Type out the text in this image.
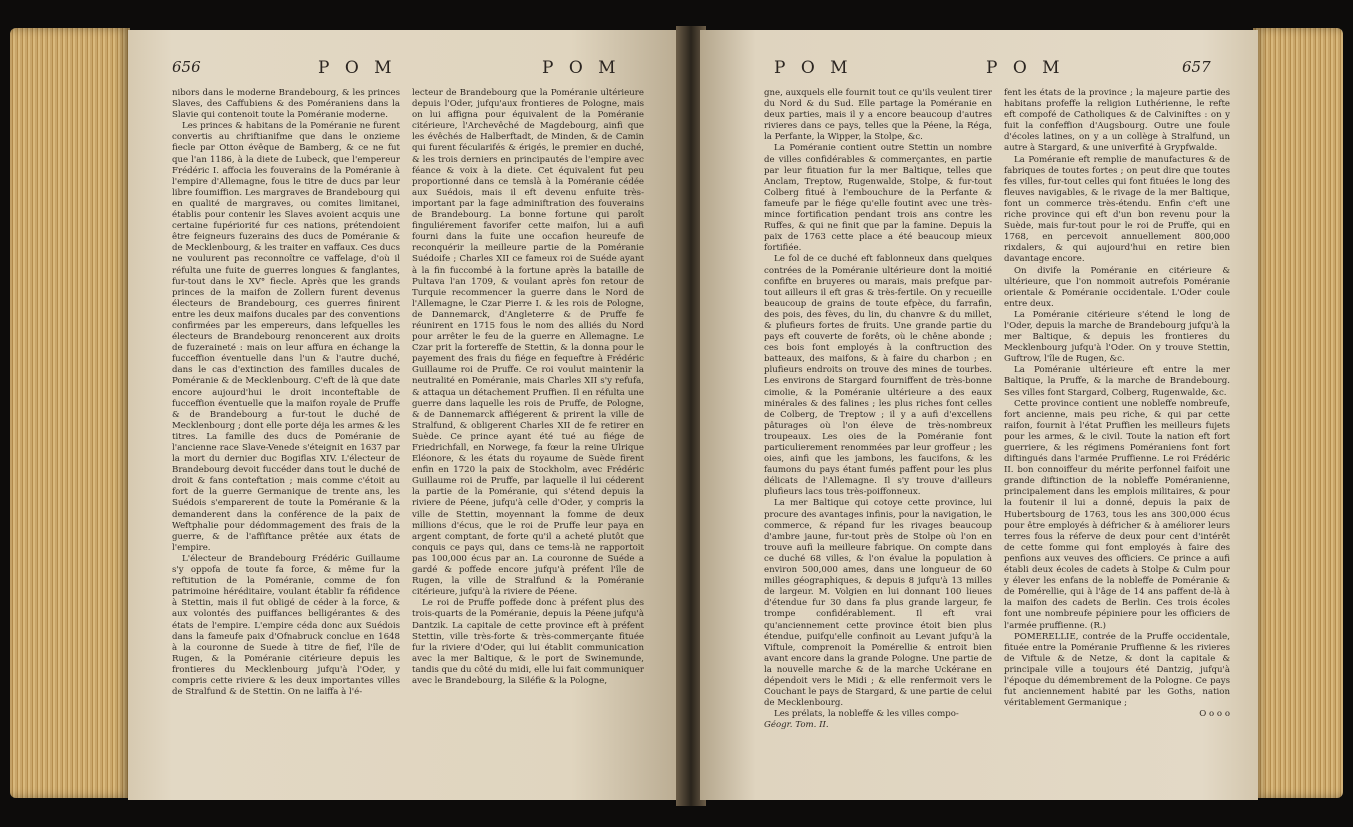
656	P O M	P O M

nibors dans le moderne Brandebourg, & les princes Slaves, des Caffubiens & des Poméraniens dans la Slavie qui contenoit toute la Poméranie moderne.

Les princes & habitans de la Poméranie ne furent convertis au chriftianifme que dans le onzieme fiecle par Otton évêque de Bamberg, & ce ne fut que l'an 1186, à la diete de Lubeck, que l'empereur Frédéric I. affocia les fouverains de la Poméranie à l'empire d'Allemagne, fous le titre de ducs par leur libre foumiffion. Les margraves de Brandebourg qui en qualité de margraves, ou comites limitanei, établis pour contenir les Slaves avoient acquis une certaine fupériorité fur ces nations, prétendoient être feigneurs fuzerains des ducs de Poméranie & de Mecklenbourg, & les traiter en vaffaux. Ces ducs ne voulurent pas reconnoître ce vaffelage, d'où il réfulta une fuite de guerres longues & fanglantes, fur-tout dans le XV° fiecle. Après que les grands princes de la maifon de Zollern furent devenus électeurs de Brandebourg, ces guerres finirent entre les deux maifons ducales par des conventions confirmées par les empereurs, dans lefquelles les électeurs de Brandebourg renoncerent aux droits de fuzeraineté : mais on leur affura en échange la fucceffion éventuelle dans l'un & l'autre duché, dans le cas d'extinction des familles ducales de Poméranie & de Mecklenbourg. C'eft de là que date encore aujourd'hui le droit inconteftable de fucceffion éventuelle que la maifon royale de Pruffe & de Brandebourg a fur-tout le duché de Mecklenbourg ; dont elle porte déja les armes & les titres. La famille des ducs de Poméranie de l'ancienne race Slave-Venede s'éteignit en 1637 par la mort du dernier duc Bogiflas XIV. L'électeur de Brandebourg devoit fuccéder dans tout le duché de droit & fans conteftation ; mais comme c'étoit au fort de la guerre Germanique de trente ans, les Suédois s'emparerent de toute la Poméranie & la demanderent dans la conférence de la paix de Weftphalie pour dédommagement des frais de la guerre, & de l'affiftance prêtée aux états de l'empire.

L'électeur de Brandebourg Frédéric Guillaume s'y oppofa de toute fa force, & même fur la reftitution de la Poméranie, comme de fon patrimoine héréditaire, voulant établir fa réfidence à Stettin, mais il fut obligé de céder à la force, & aux volontés des puiffances belligérantes & des états de l'empire. L'empire céda donc aux Suédois dans la fameufe paix d'Ofnabruck conclue en 1648 à la couronne de Suede à titre de fief, l'île de Rugen, & la Poméranie citérieure depuis les frontieres du Mecklenbourg jufqu'à l'Oder, y compris cette riviere & les deux importantes villes de Stralfund & de Stettin. On ne laiffa à l'é-

lecteur de Brandebourg que la Poméranie ultérieure depuis l'Oder, jufqu'aux frontieres de Pologne, mais on lui affigna pour équivalent de la Poméranie citérieure, l'Archevêché de Magdebourg, ainfi que les évêchés de Halberftadt, de Minden, & de Camin qui furent fécularifés & érigés, le premier en duché, & les trois derniers en principautés de l'empire avec féance & voix à la diete. Cet équivalent fut peu proportionné dans ce temslà à la Poméranie cédée aux Suédois, mais il eft devenu enfuite très-important par la fage adminiftration des fouverains de Brandebourg. La bonne fortune qui paroît finguliérement favorifer cette maifon, lui a aufi fourni dans la fuite une occafion heureufe de reconquérir la meilleure partie de la Poméranie Suédoife ; Charles XII ce fameux roi de Suéde ayant à la fin fuccombé à la fortune après la bataille de Pultava l'an 1709, & voulant après fon retour de Turquie recommencer la guerre dans le Nord de l'Allemagne, le Czar Pierre I. & les rois de Pologne, de Dannemarck, d'Angleterre & de Pruffe fe réunirent en 1715 fous le nom des alliés du Nord pour arrêter le feu de la guerre en Allemagne. Le Czar prit la fortereffe de Stettin, & la donna pour le payement des frais du fiége en fequeftre à Frédéric Guillaume roi de Pruffe. Ce roi voulut maintenir la neutralité en Poméranie, mais Charles XII s'y refufa, & attaqua un détachement Pruffien. Il en réfulta une guerre dans laquelle les rois de Pruffe, de Pologne, & de Dannemarck affiégerent & prirent la ville de Stralfund, & obligerent Charles XII de fe retirer en Suède. Ce prince ayant été tué au fiége de Friedrichfall, en Norwege, fa fœur la reine Ulrique Eléonore, & les états du royaume de Suède firent enfin en 1720 la paix de Stockholm, avec Frédéric Guillaume roi de Pruffe, par laquelle il lui céderent la partie de la Poméranie, qui s'étend depuis la riviere de Péene, jufqu'à celle d'Oder, y compris la ville de Stettin, moyennant la fomme de deux millions d'écus, que le roi de Pruffe leur paya en argent comptant, de forte qu'il a acheté plutôt que conquis ce pays qui, dans ce tems-là ne rapportoit pas 100,000 écus par an. La couronne de Suéde a gardé & poffede encore jufqu'à préfent l'île de Rugen, la ville de Stralfund & la Poméranie citérieure, jufqu'à la riviere de Péene.

Le roi de Pruffe poffede donc à préfent plus des trois-quarts de la Poméranie, depuis la Péene jufqu'à Dantzik. La capitale de cette province eft à préfent Stettin, ville très-forte & très-commerçante fituée fur la riviere d'Oder, qui lui établit communication avec la mer Baltique, & le port de Swinemunde, tandis que du côté du midi, elle lui fait communiquer avec le Brandebourg, la Siléfie & la Pologne,

P O M	P O M	657

gne, auxquels elle fournit tout ce qu'ils veulent tirer du Nord & du Sud. Elle partage la Poméranie en deux parties, mais il y a encore beaucoup d'autres rivieres dans ce pays, telles que la Péene, la Réga, la Perfante, la Wipper, la Stolpe, &c.

La Poméranie contient outre Stettin un nombre de villes confidérables & commerçantes, en partie par leur fituation fur la mer Baltique, telles que Anclam, Treptow, Rugenwalde, Stolpe, & fur-tout Colberg fitué à l'embouchure de la Perfante & fameufe par le fiége qu'elle foutint avec une très-mince fortification pendant trois ans contre les Ruffes, & qui ne finit que par la famine. Depuis la paix de 1763 cette place a été beaucoup mieux fortifiée.

Le fol de ce duché eft fablonneux dans quelques contrées de la Poméranie ultérieure dont la moitié confifte en bruyeres ou marais, mais prefque par-tout ailleurs il eft gras & très-fertile. On y recueille beaucoup de grains de toute efpèce, du farrafin, des pois, des fèves, du lin, du chanvre & du millet, & plufieurs fortes de fruits. Une grande partie du pays eft couverte de forêts, où le chêne abonde ; ces bois font employés à la conftruction des batteaux, des maifons, & à faire du charbon ; en plufieurs endroits on trouve des mines de tourbes. Les environs de Stargard fourniffent de très-bonne cimolie, & la Poméranie ultérieure a des eaux minérales & des falines ; les plus riches font celles de Colberg, de Treptow ; il y a aufi d'excellens pâturages où l'on éleve de très-nombreux troupeaux. Les oies de la Poméranie font particulierement renommées par leur groffeur ; les oies, ainfi que les jambons, les faucifons, & les faumons du pays étant fumés paffent pour les plus délicats de l'Allemagne. Il s'y trouve d'ailleurs plufieurs lacs tous très-poiffonneux.

La mer Baltique qui cotoye cette province, lui procure des avantages infinis, pour la navigation, le commerce, & répand fur les rivages beaucoup d'ambre jaune, fur-tout près de Stolpe où l'on en trouve aufi la meilleure fabrique. On compte dans ce duché 68 villes, & l'on évalue la population à environ 500,000 ames, dans une longueur de 60 milles géographiques, & depuis 8 jufqu'à 13 milles de largeur. M. Volgien en lui donnant 100 lieues d'étendue fur 30 dans fa plus grande largeur, fe trompe confidérablement. Il eft vrai qu'anciennement cette province étoit bien plus étendue, puifqu'elle confinoit au Levant jufqu'à la Viftule, comprenoit la Pomérellie & entroit bien avant encore dans la grande Pologne. Une partie de la nouvelle marche & de la marche Uckérane en dépendoit vers le Midi ; & elle renfermoit vers le Couchant le pays de Stargard, & une partie de celui de Mecklenbourg.

Les prélats, la nobleffe & les villes compo-

Géogr. Tom. II.

fent les états de la province ; la majeure partie des habitans profeffe la religion Luthérienne, le refte eft compofé de Catholiques & de Calviniftes : on y fuit la confeffion d'Augsbourg. Outre une foule d'écoles latines, on y a un collège à Stralfund, un autre à Stargard, & une univerfité à Grypfwalde.

La Poméranie eft remplie de manufactures & de fabriques de toutes fortes ; on peut dire que toutes fes villes, fur-tout celles qui font fituées le long des fleuves navigables, & le rivage de la mer Baltique, font un commerce très-étendu. Enfin c'eft une riche province qui eft d'un bon revenu pour la Suède, mais fur-tout pour le roi de Pruffe, qui en 1768, en percevoit annuellement 800,000 rixdalers, & qui aujourd'hui en retire bien davantage encore.

On divife la Poméranie en citérieure & ultérieure, que l'on nommoit autrefois Poméranie orientale & Poméranie occidentale. L'Oder coule entre deux.

La Poméranie citérieure s'étend le long de l'Oder, depuis la marche de Brandebourg jufqu'à la mer Baltique, & depuis les frontieres du Mecklenbourg jufqu'à l'Oder. On y trouve Stettin, Guftrow, l'île de Rugen, &c.

La Poméranie ultérieure eft entre la mer Baltique, la Pruffe, & la marche de Brandebourg. Ses villes font Stargard, Colberg, Rugenwalde, &c.

Cette province contient une nobleffe nombreufe, fort ancienne, mais peu riche, & qui par cette raifon, fournit à l'état Pruffien les meilleurs fujets pour les armes, & le civil. Toute la nation eft fort guerriere, & les régimens Poméraniens font fort diftingués dans l'armée Pruffienne. Le roi Frédéric II. bon connoiffeur du mérite perfonnel faifoit une grande diftinction de la nobleffe Poméranienne, principalement dans les emplois militaires, & pour la foutenir il lui a donné, depuis la paix de Hubertsbourg de 1763, tous les ans 300,000 écus pour être employés à défricher & à améliorer leurs terres fous la réferve de deux pour cent d'intérêt de cette fomme qui font employés à faire des penfions aux veuves des officiers. Ce prince a aufi établi deux écoles de cadets à Stolpe & Culm pour y élever les enfans de la nobleffe de Poméranie & de Pomérellie, qui à l'âge de 14 ans paffent de-là à la maifon des cadets de Berlin. Ces trois écoles font une nombreufe pépiniere pour les officiers de l'armée pruffienne. (R.)

POMERELLIE, contrée de la Pruffe occidentale, fituée entre la Poméranie Pruffienne & les rivieres de Viftule & de Netze, & dont la capitale & principale ville a toujours été Dantzig, jufqu'à l'époque du démembrement de la Pologne. Ce pays fut anciennement habité par les Goths, nation véritablement Germanique ;

O o o o
